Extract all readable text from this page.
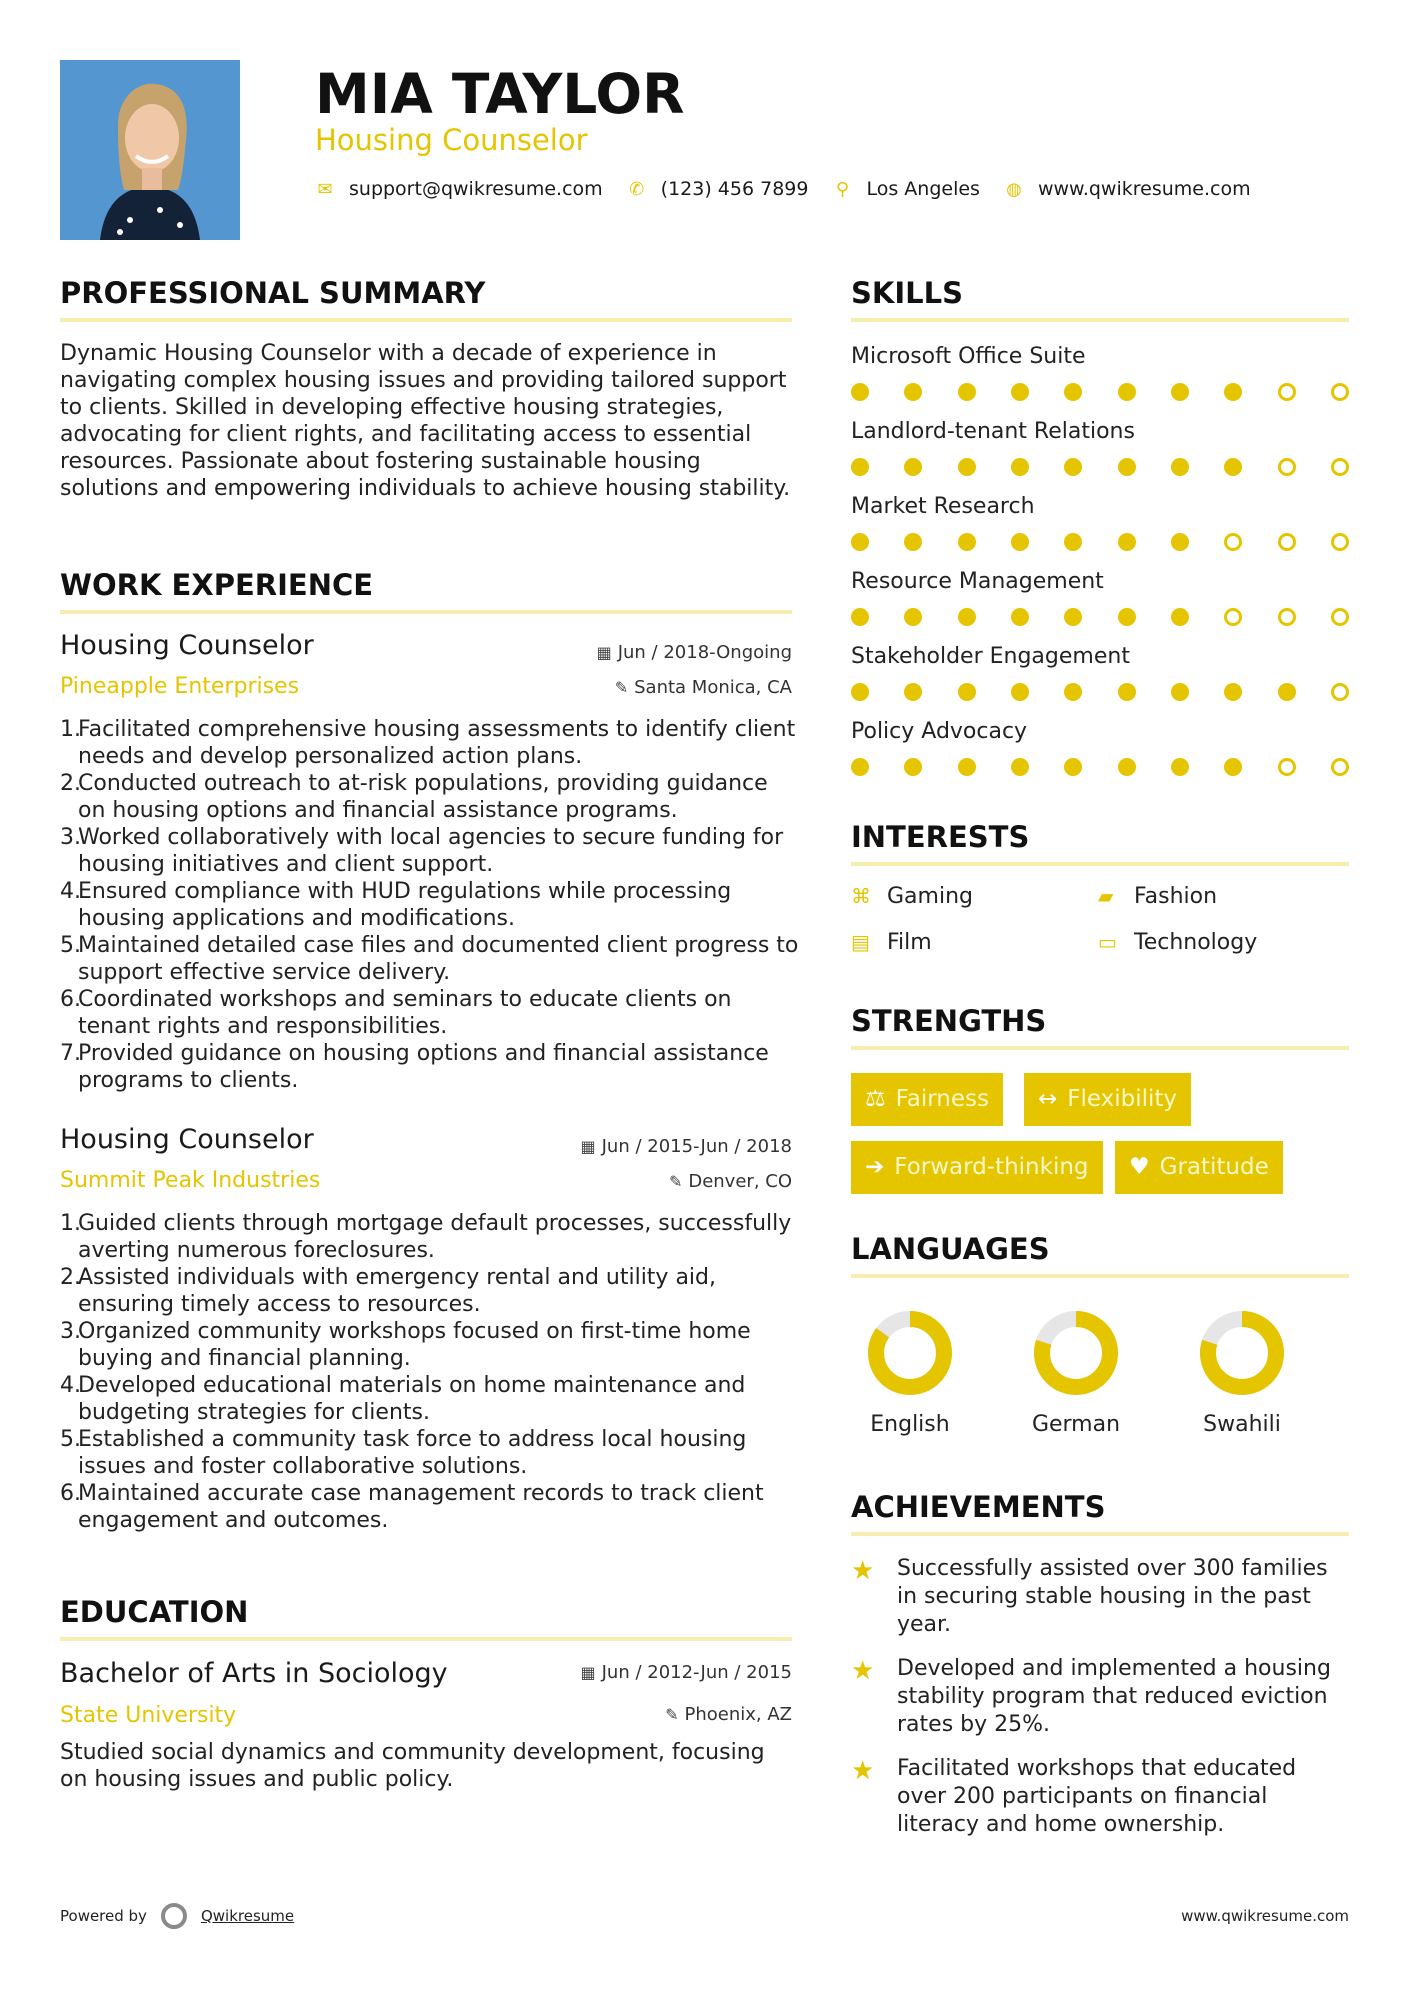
MIA TAYLOR
Housing Counselor
✉ support@qwikresume.com ✆ (123) 456 7899 ⚲ Los Angeles ◍ www.qwikresume.com
PROFESSIONAL SUMMARY
Dynamic Housing Counselor with a decade of experience in navigating complex housing issues and providing tailored support to clients. Skilled in developing effective housing strategies, advocating for client rights, and facilitating access to essential resources. Passionate about fostering sustainable housing solutions and empowering individuals to achieve housing stability.
WORK EXPERIENCE
Housing Counselor	▦ Jun / 2018-Ongoing
Pineapple Enterprises	✎ Santa Monica, CA
1.
Facilitated comprehensive housing assessments to identify client needs and develop personalized action plans.
2.
Conducted outreach to at-risk populations, providing guidance on housing options and financial assistance programs.
3.
Worked collaboratively with local agencies to secure funding for housing initiatives and client support.
4.
Ensured compliance with HUD regulations while processing housing applications and modifications.
5.
Maintained detailed case files and documented client progress to support effective service delivery.
6.
Coordinated workshops and seminars to educate clients on tenant rights and responsibilities.
7.
Provided guidance on housing options and financial assistance programs to clients.
Housing Counselor	▦ Jun / 2015-Jun / 2018
Summit Peak Industries	✎ Denver, CO
1.
Guided clients through mortgage default processes, successfully averting numerous foreclosures.
2.
Assisted individuals with emergency rental and utility aid, ensuring timely access to resources.
3.
Organized community workshops focused on first-time home buying and financial planning.
4.
Developed educational materials on home maintenance and budgeting strategies for clients.
5.
Established a community task force to address local housing issues and foster collaborative solutions.
6.
Maintained accurate case management records to track client engagement and outcomes.
EDUCATION
Bachelor of Arts in Sociology	▦ Jun / 2012-Jun / 2015
State University	✎ Phoenix, AZ
Studied social dynamics and community development, focusing on housing issues and public policy.
SKILLS
Microsoft Office Suite
Landlord-tenant Relations
Market Research
Resource Management
Stakeholder Engagement
Policy Advocacy
INTERESTS
⌘ Gaming	▰ Fashion
▤ Film	▭ Technology
STRENGTHS
⚖ Fairness	↔ Flexibility
➔ Forward-thinking	♥ Gratitude
LANGUAGES
English	German	Swahili
ACHIEVEMENTS
★ Successfully assisted over 300 families in securing stable housing in the past year.
★ Developed and implemented a housing stability program that reduced eviction rates by 25%.
★ Facilitated workshops that educated over 200 participants on financial literacy and home ownership.
Powered by	Qwikresume	www.qwikresume.com
